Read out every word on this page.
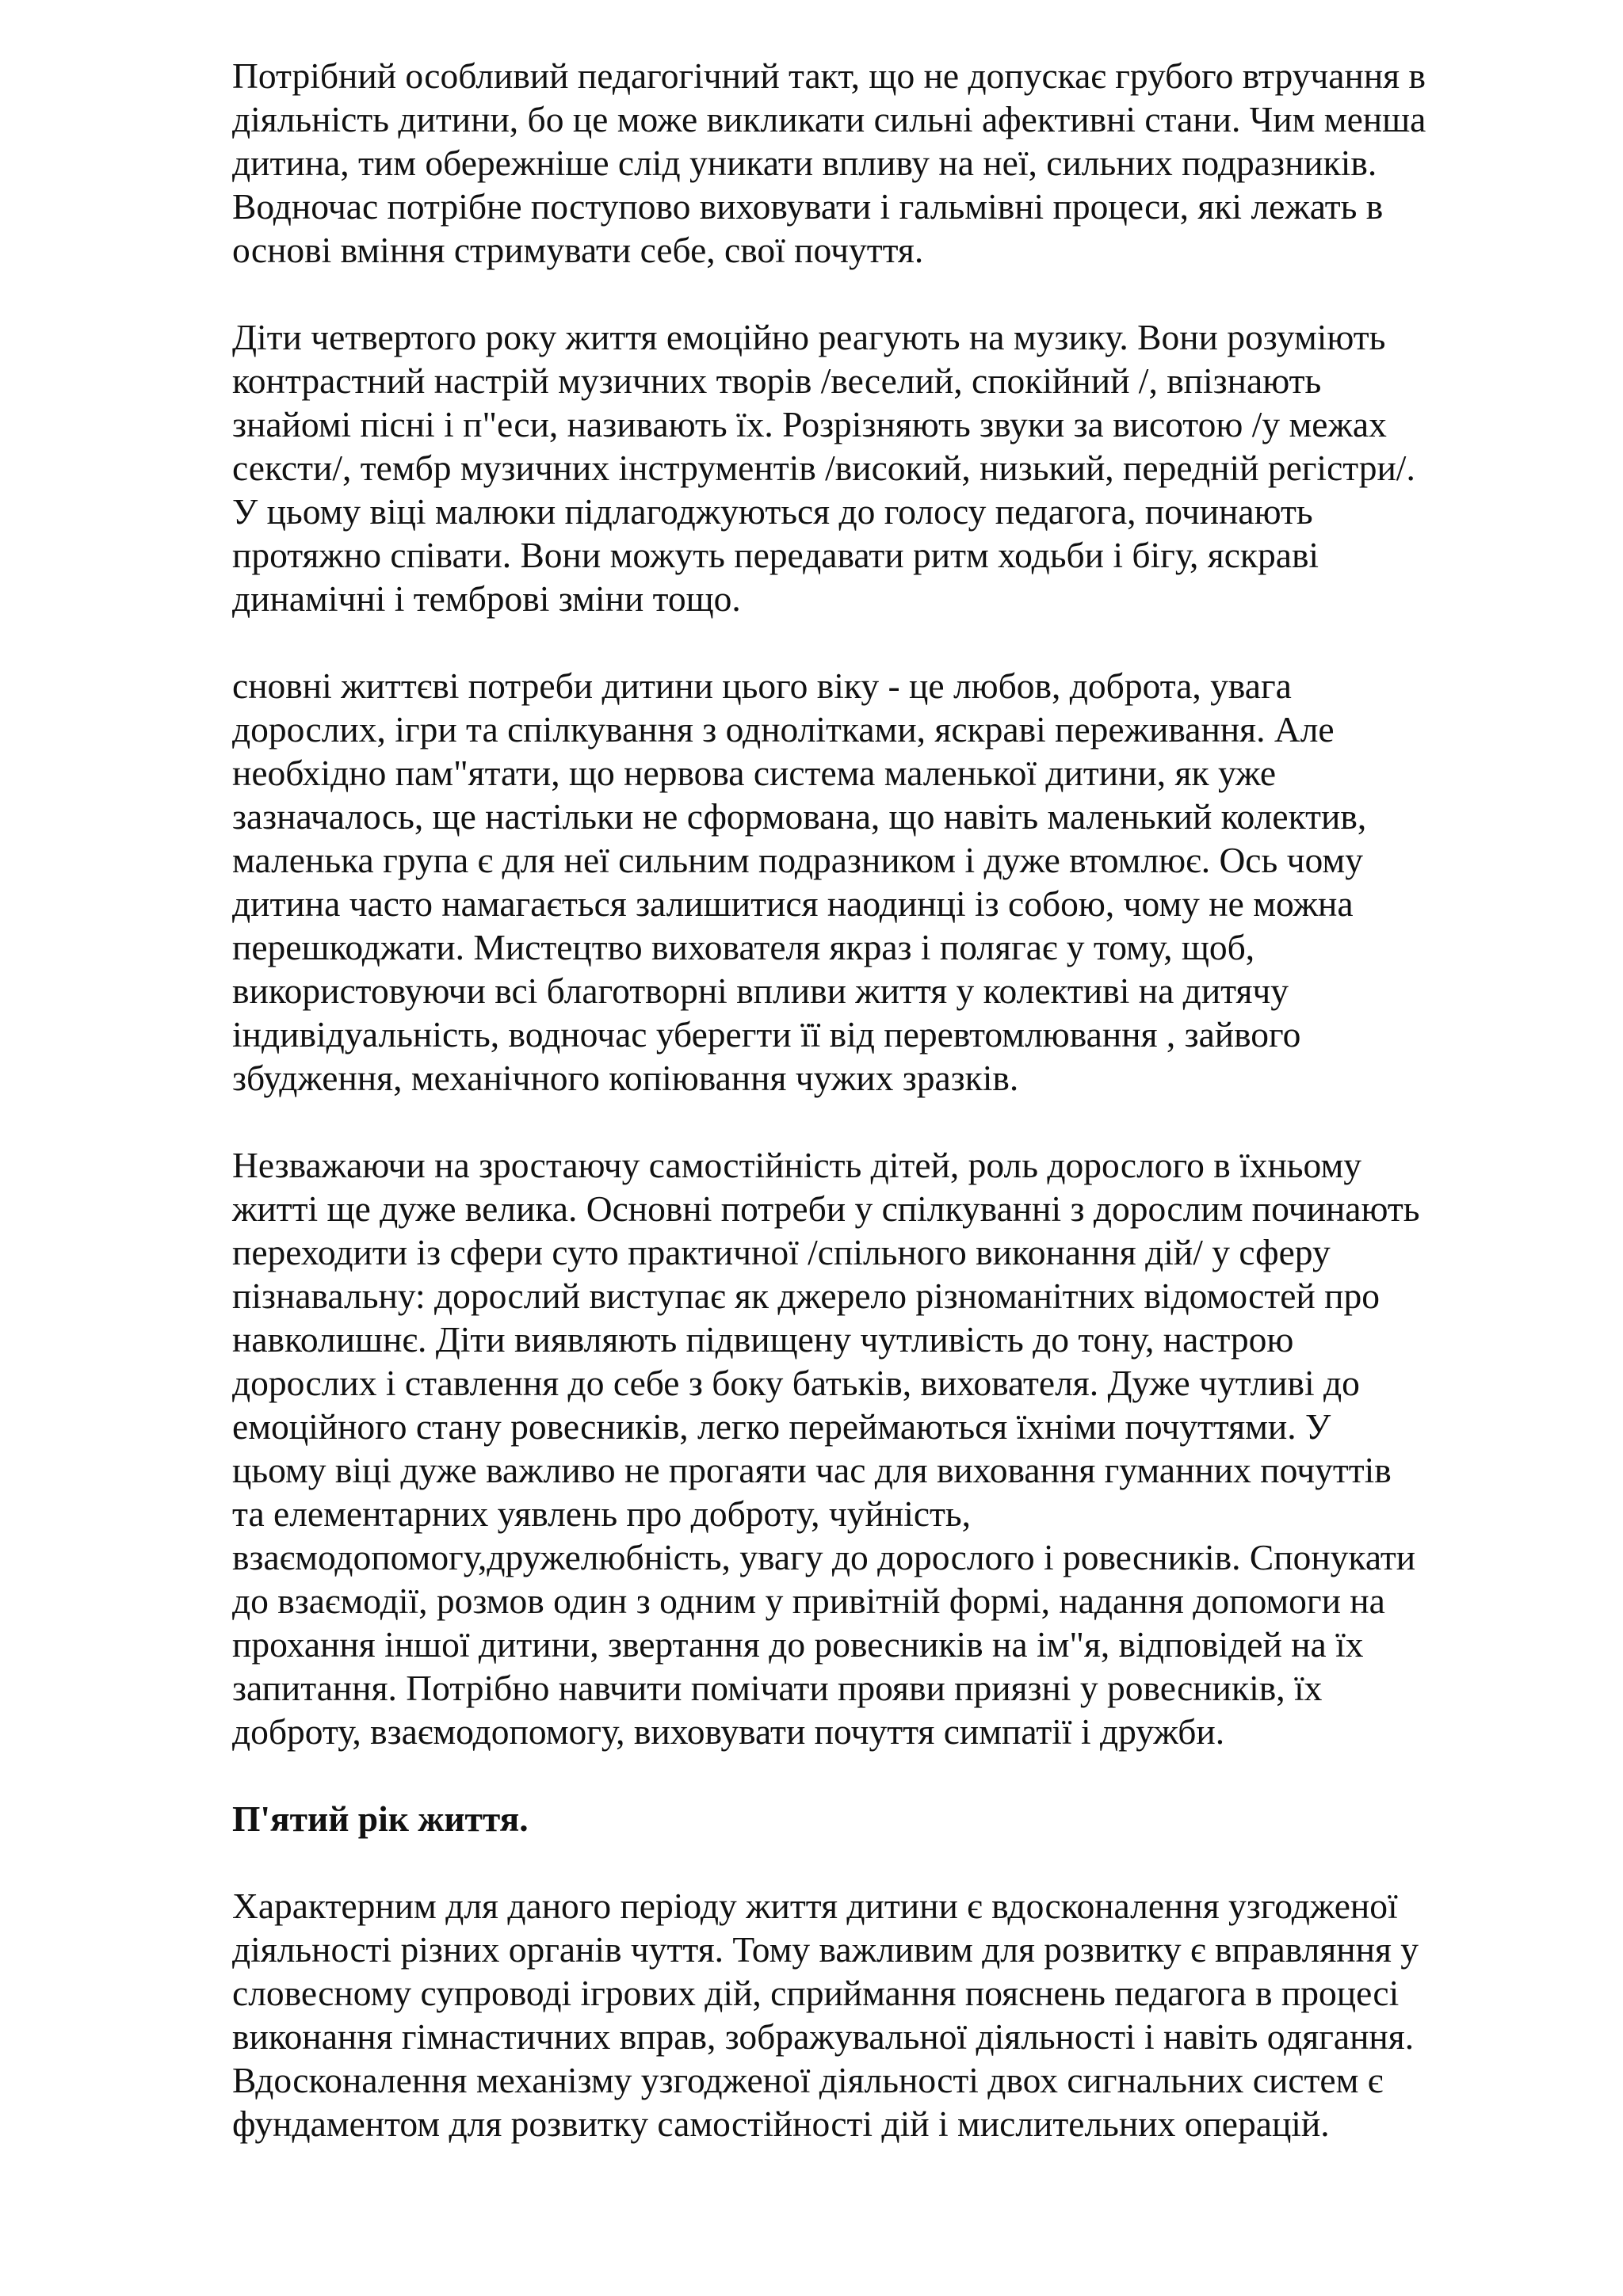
Потрібний особливий педагогічний такт, що не допускає грубого втручання в
діяльність дитини, бо це може викликати сильні афективні стани. Чим менша
дитина, тим обережніше слід уникати впливу на неї, сильних подразників.
Водночас потрібне поступово виховувати і гальмівні процеси, які лежать в
основі вміння стримувати себе, свої почуття.

Діти четвертого року життя емоційно реагують на музику. Вони розуміють
контрастний настрій музичних творів /веселий, спокійний /, впізнають
знайомі пісні і п"еси, називають їх. Розрізняють звуки за висотою /у межах
сексти/, тембр музичних інструментів /високий, низький, передній регістри/.
У цьому віці малюки підлагоджуються до голосу педагога, починають
протяжно співати. Вони можуть передавати ритм ходьби і бігу, яскраві
динамічні і темброві зміни тощо.

сновні життєві потреби дитини цього віку - це любов, доброта, увага
дорослих, ігри та спілкування з однолітками, яскраві переживання. Але
необхідно пам"ятати, що нервова система маленької дитини, як уже
зазначалось, ще настільки не сформована, що навіть маленький колектив,
маленька група є для неї сильним подразником і дуже втомлює. Ось чому
дитина часто намагається залишитися наодинці із собою, чому не можна
перешкоджати. Мистецтво вихователя якраз і полягає у тому, щоб,
використовуючи всі благотворні впливи життя у колективі на дитячу
індивідуальність, водночас уберегти її від перевтомлювання , зайвого
збудження, механічного копіювання чужих зразків.

Незважаючи на зростаючу самостійність дітей, роль дорослого в їхньому
житті ще дуже велика. Основні потреби у спілкуванні з дорослим починають
переходити із сфери суто практичної /спільного виконання дій/ у сферу
пізнавальну: дорослий виступає як джерело різноманітних відомостей про
навколишнє. Діти виявляють підвищену чутливість до тону, настрою
дорослих і ставлення до себе з боку батьків, вихователя. Дуже чутливі до
емоційного стану ровесників, легко переймаються їхніми почуттями. У
цьому віці дуже важливо не прогаяти час для виховання гуманних почуттів
та елементарних уявлень про доброту, чуйність,
взаємодопомогу,дружелюбність, увагу до дорослого і ровесників. Спонукати
до взаємодії, розмов один з одним у привітній формі, надання допомоги на
прохання іншої дитини, звертання до ровесників на ім"я, відповідей на їх
запитання. Потрібно навчити помічати прояви приязні у ровесників, їх
доброту, взаємодопомогу, виховувати почуття симпатії і дружби.

П'ятий рік життя.

Характерним для даного періоду життя дитини є вдосконалення узгодженої
діяльності різних органів чуття. Тому важливим для розвитку є вправляння у
словесному супроводі ігрових дій, сприймання пояснень педагога в процесі
виконання гімнастичних вправ, зображувальної діяльності і навіть одягання.
Вдосконалення механізму узгодженої діяльності двох сигнальних систем є
фундаментом для розвитку самостійності дій і мислительних операцій.
